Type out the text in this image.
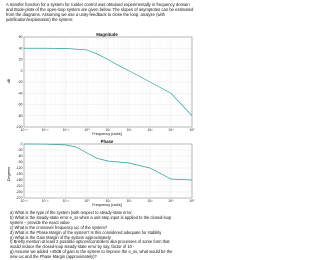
A transfer function for a system for rudder control was obtained experimentally in frequency domain and Bode-plots of the open-loop system are given below. The slopes of asymptotes can be estimated from the diagrams. Assuming we use a unity-feedback to close the loop, analyze (with justification/explanation) the system:

Magnitude
dB
60
40
20
0
-20
-40
-60
-80
-100
10⁻³	10⁻²	10⁻¹	10⁰	10¹	10²	10³	10⁴	10⁵
0
-30
-60
-90
-120
-150
-180
-210
-240
-270
10⁻³	10⁻²	10⁻¹	10⁰	10¹	10²	10³	10⁴	10⁵
Frequency [rad/s]
Phase
Degrees
Frequency [rad/s]
a) What is the type of the system (with respect to steady-state error.
b) What is the steady-state error e_ss when a unit-step input is applied to the closed-loop
system – provide the exact value
c) What is the crossover frequency ωc of the system?
d) What is the Phase Margin of the system? Is this considered adequate for stability
e) What is the Gain Margin of the system approximately
f) Briefly mention at least 2 possible options/controllers aka processes of some form that
would reduce the closed-loop steady-state error by say, factor of 10 -
g) Assume we added +40dB of gain to the system to improve the e_ss, what would be the
new ωc and the Phase Margin (approximately)?
